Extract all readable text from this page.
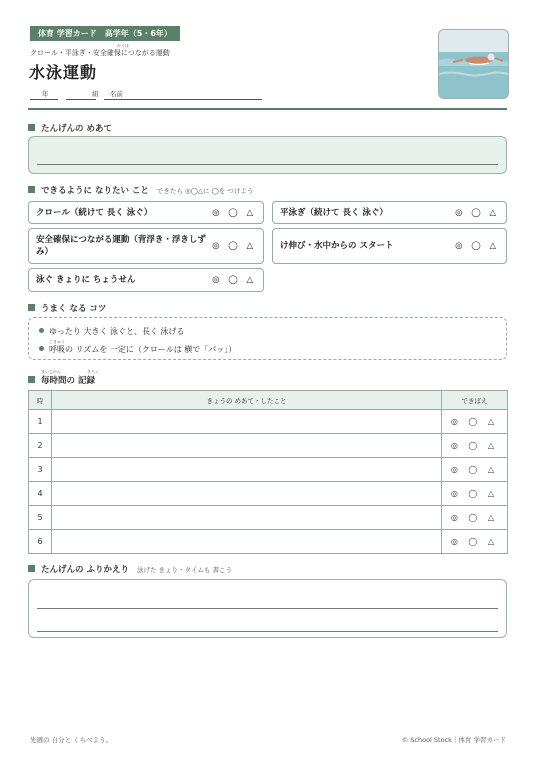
体育 学習カード　高学年（5・6年）
かくほ
クロール・平泳ぎ・安全確保につながる運動
水泳運動
年	組 名前
たんげんの めあて
できるように なりたい こと できたら ◎◯△に ◯を つけよう
クロール（続けて 長く 泳ぐ）	◎ ◯ △	平泳ぎ（続けて 長く 泳ぐ）	◎ ◯ △
安全確保につながる運動（背浮き・浮きしずみ）
◎ ◯ △	け伸び・水中からの スタート	◎ ◯ △
泳ぐ きょりに ちょうせん	◎ ◯ △
うまく なる コツ
ゆったり 大きく 泳ぐと、長く 泳げる
こきゅう
呼吸の リズムを 一定に（クロールは 横で「パッ」）
まいじかん	きろく
毎時間の 記録
時	きょうの めあて・したこと	できばえ
1		◎ ◯ △
2		◎ ◯ △
3		◎ ◯ △
4		◎ ◯ △
5		◎ ◯ △
6		◎ ◯ △
たんげんの ふりかえり 泳げた きょり・タイムも 書こう
先週の 自分と くらべよう。	© School Stock｜体育 学習カード
